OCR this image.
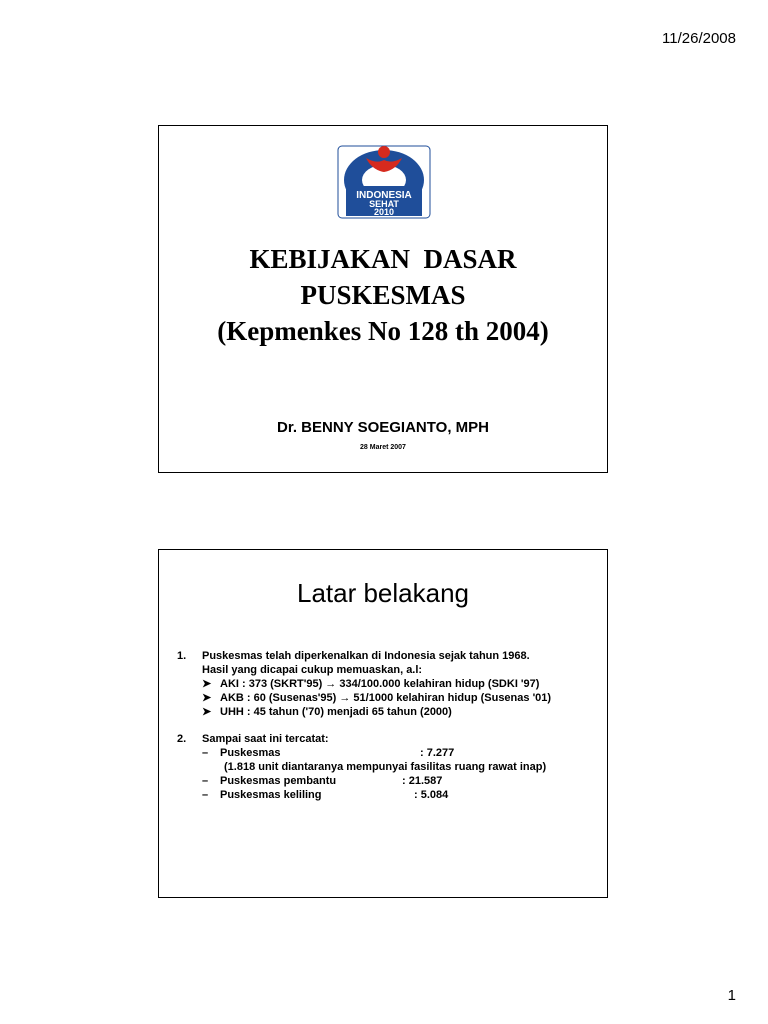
11/26/2008
INDONESIA
SEHAT
2010
KEBIJAKAN  DASAR
PUSKESMAS
(Kepmenkes No 128 th 2004)
Dr. BENNY SOEGIANTO, MPH
28 Maret 2007
Latar belakang
1.	Puskesmas telah diperkenalkan di Indonesia sejak tahun 1968.
Hasil yang dicapai cukup memuaskan, a.l:
➤ AKI : 373 (SKRT'95) → 334/100.000 kelahiran hidup (SDKI '97)
➤ AKB : 60 (Susenas'95) → 51/1000 kelahiran hidup (Susenas '01)
➤ UHH : 45 tahun ('70) menjadi 65 tahun (2000)
2.	Sampai saat ini tercatat:
–	Puskesmas	: 7.277
(1.818 unit diantaranya mempunyai fasilitas ruang rawat inap)
–	Puskesmas pembantu	: 21.587
–	Puskesmas keliling	: 5.084
1
